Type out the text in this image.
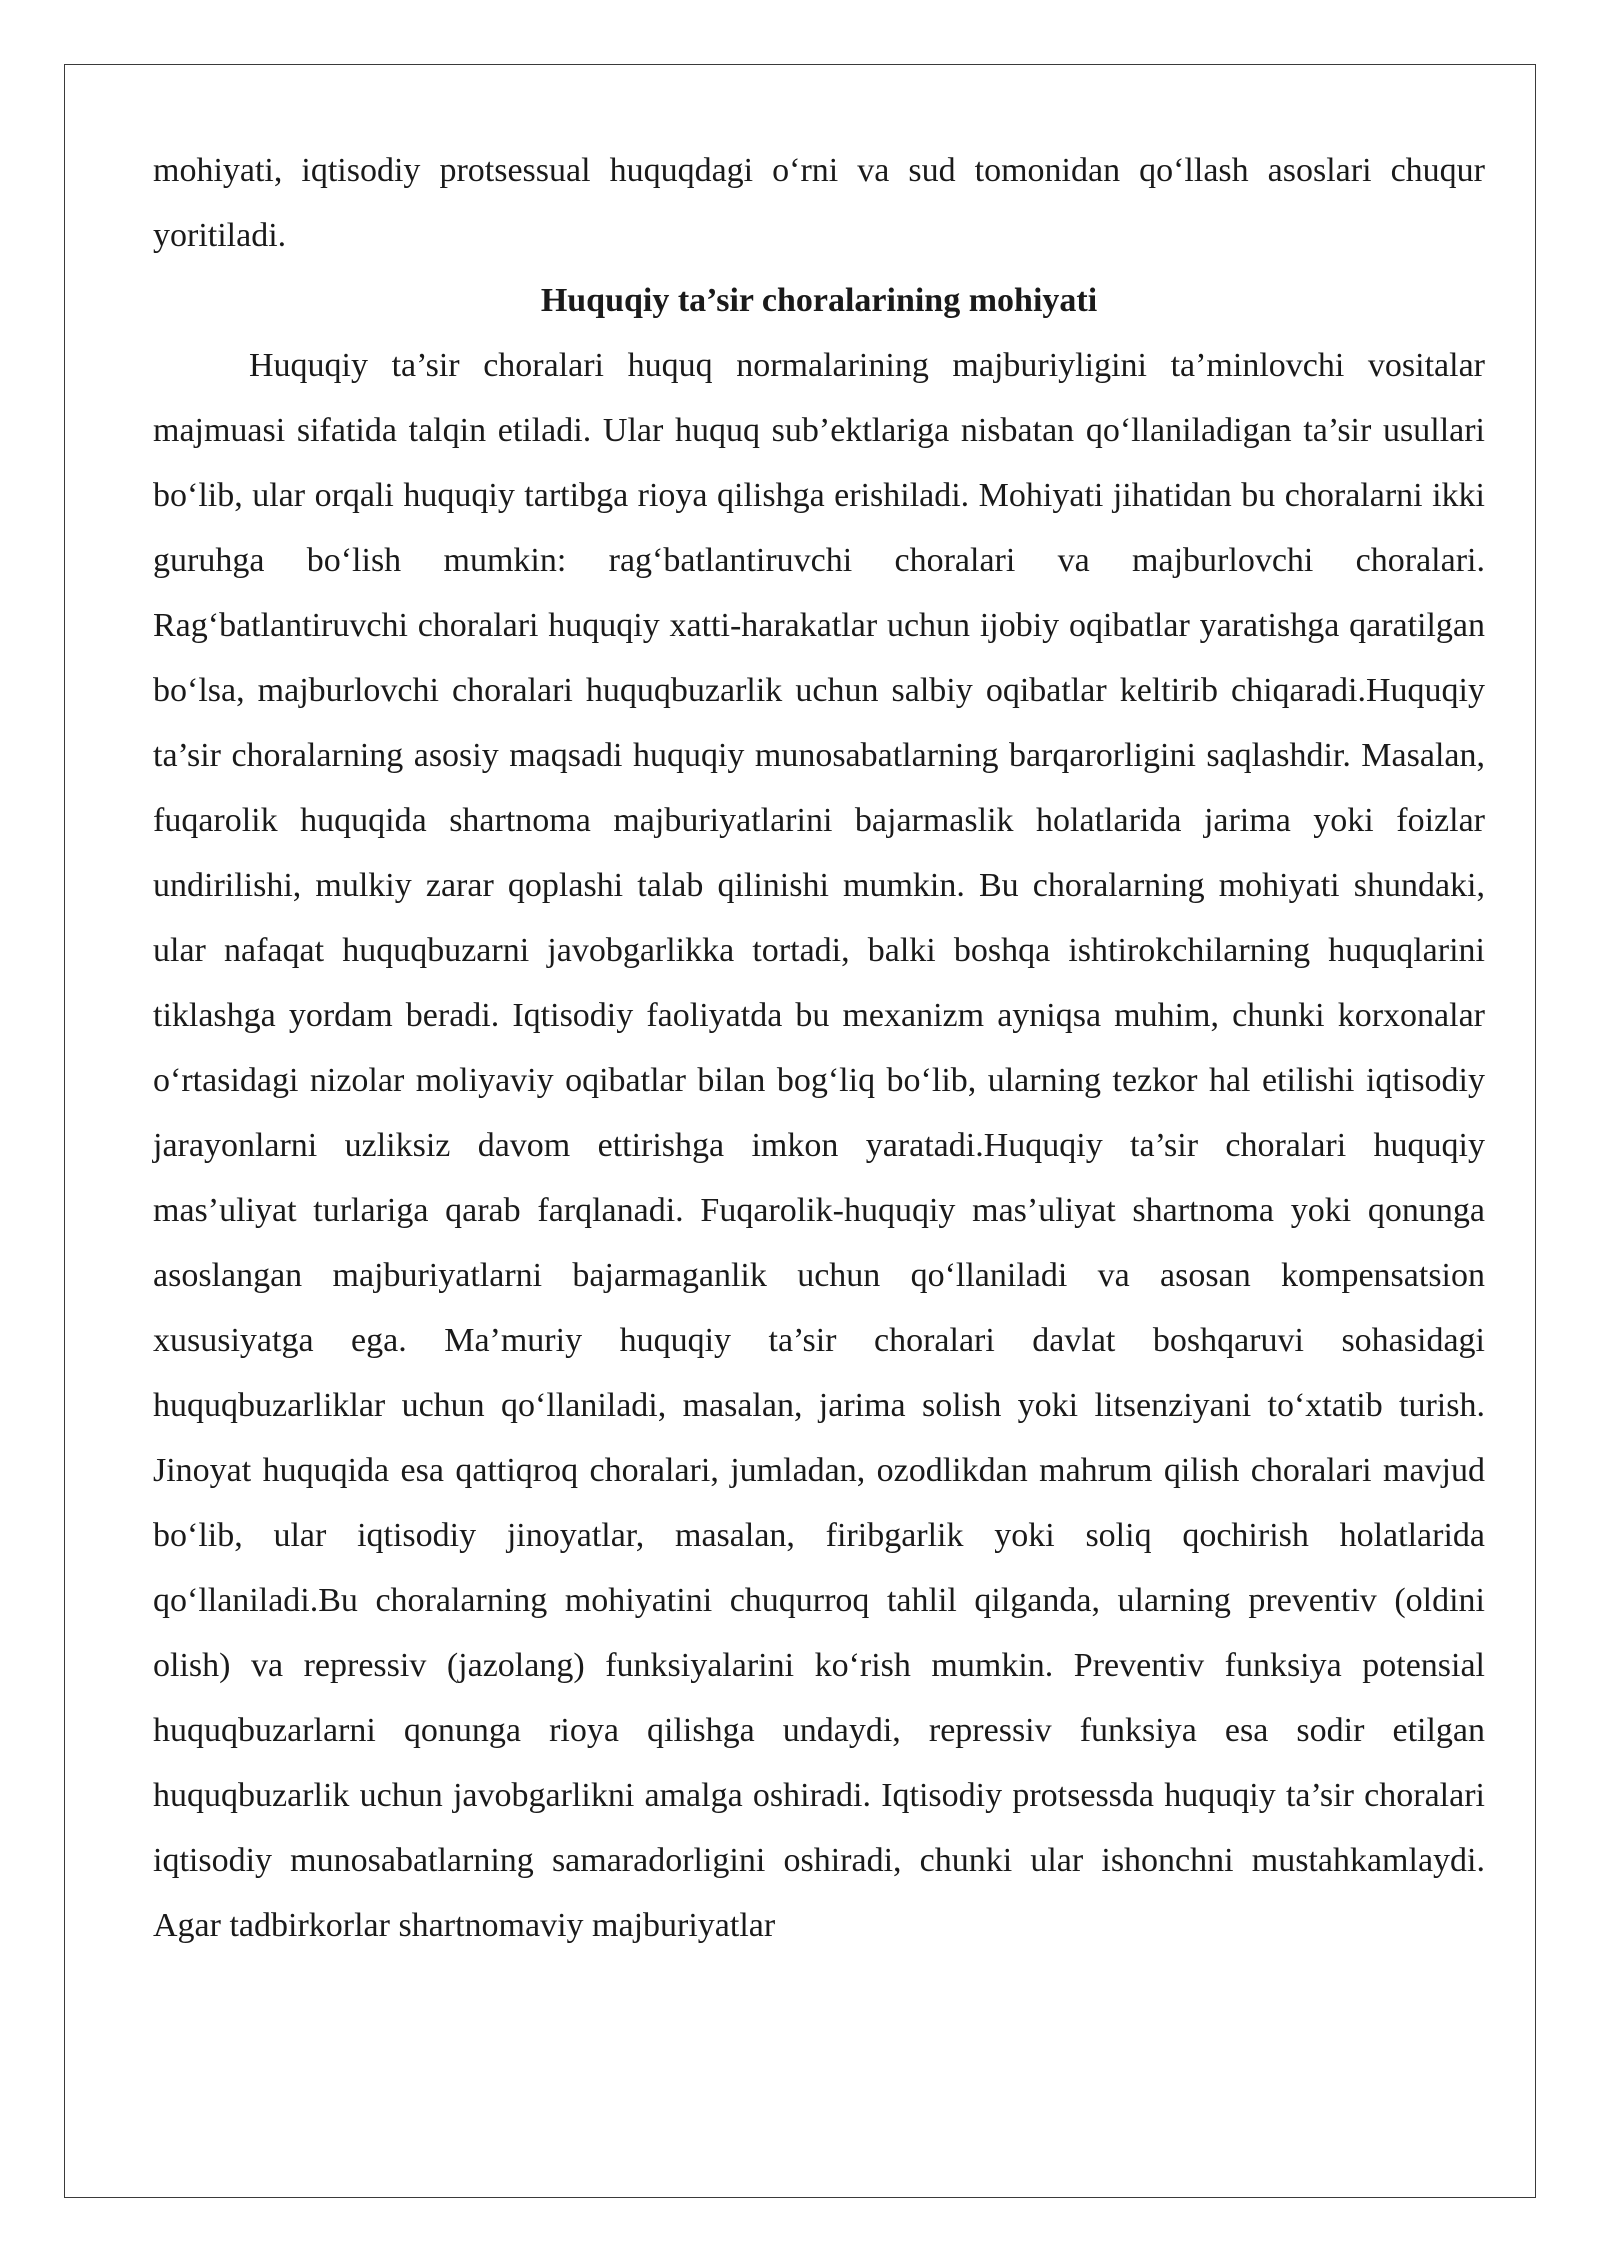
mohiyati, iqtisodiy protsessual huquqdagi o‘rni va sud tomonidan qo‘llash asoslari chuqur yoritiladi.

Huquqiy ta’sir choralarining mohiyati

Huquqiy ta’sir choralari huquq normalarining majburiyligini ta’minlovchi vositalar majmuasi sifatida talqin etiladi. Ular huquq sub’ektlariga nisbatan qo‘llaniladigan ta’sir usullari bo‘lib, ular orqali huquqiy tartibga rioya qilishga erishiladi. Mohiyati jihatidan bu choralarni ikki guruhga bo‘lish mumkin: rag‘batlantiruvchi choralari va majburlovchi choralari. Rag‘batlantiruvchi choralari huquqiy xatti-harakatlar uchun ijobiy oqibatlar yaratishga qaratilgan bo‘lsa, majburlovchi choralari huquqbuzarlik uchun salbiy oqibatlar keltirib chiqaradi.Huquqiy ta’sir choralarning asosiy maqsadi huquqiy munosabatlarning barqarorligini saqlashdir. Masalan, fuqarolik huquqida shartnoma majburiyatlarini bajarmaslik holatlarida jarima yoki foizlar undirilishi, mulkiy zarar qoplashi talab qilinishi mumkin. Bu choralarning mohiyati shundaki, ular nafaqat huquqbuzarni javobgarlikka tortadi, balki boshqa ishtirokchilarning huquqlarini tiklashga yordam beradi. Iqtisodiy faoliyatda bu mexanizm ayniqsa muhim, chunki korxonalar o‘rtasidagi nizolar moliyaviy oqibatlar bilan bog‘liq bo‘lib, ularning tezkor hal etilishi iqtisodiy jarayonlarni uzliksiz davom ettirishga imkon yaratadi.Huquqiy ta’sir choralari huquqiy mas’uliyat turlariga qarab farqlanadi. Fuqarolik-huquqiy mas’uliyat shartnoma yoki qonunga asoslangan majburiyatlarni bajarmaganlik uchun qo‘llaniladi va asosan kompensatsion xususiyatga ega. Ma’muriy huquqiy ta’sir choralari davlat boshqaruvi sohasidagi huquqbuzarliklar uchun qo‘llaniladi, masalan, jarima solish yoki litsenziyani to‘xtatib turish. Jinoyat huquqida esa qattiqroq choralari, jumladan, ozodlikdan mahrum qilish choralari mavjud bo‘lib, ular iqtisodiy jinoyatlar, masalan, firibgarlik yoki soliq qochirish holatlarida qo‘llaniladi.Bu choralarning mohiyatini chuqurroq tahlil qilganda, ularning preventiv (oldini olish) va repressiv (jazolang) funksiyalarini ko‘rish mumkin. Preventiv funksiya potensial huquqbuzarlarni qonunga rioya qilishga undaydi, repressiv funksiya esa sodir etilgan huquqbuzarlik uchun javobgarlikni amalga oshiradi. Iqtisodiy protsessda huquqiy ta’sir choralari iqtisodiy munosabatlarning samaradorligini oshiradi, chunki ular ishonchni mustahkamlaydi. Agar tadbirkorlar shartnomaviy majburiyatlar
